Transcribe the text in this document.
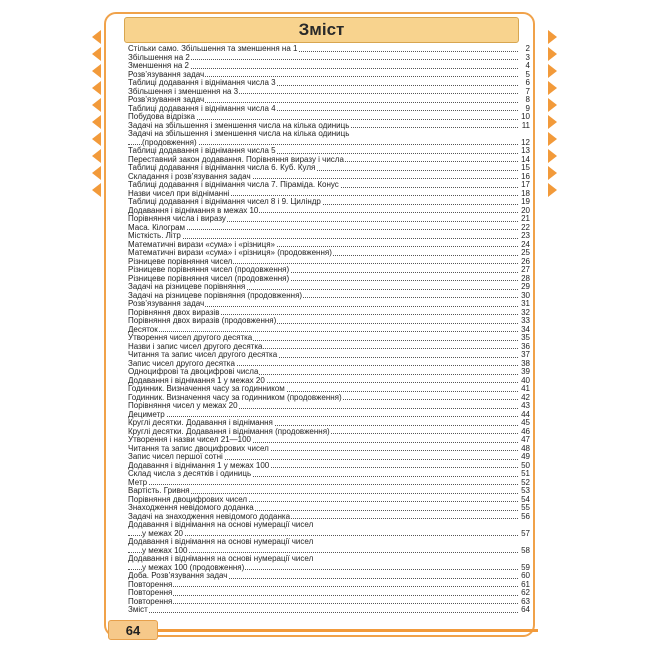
Зміст
Стільки само. Збільшення та зменшення на 1	2
Збільшення на 2	3
Зменшення на 2	4
Розв’язування задач	5
Таблиці додавання і віднімання числа 3	6
Збільшення і зменшення на 3	7
Розв’язування задач	8
Таблиці додавання і віднімання числа 4	9
Побудова відрізка	10
Задачі на збільшення і зменшення числа на кілька одиниць	11
Задачі на збільшення і зменшення числа на кілька одиниць
(продовження)	12
Таблиці додавання і віднімання числа 5	13
Переставний закон додавання. Порівняння виразу і числа	14
Таблиці додавання і віднімання числа 6. Куб. Куля	15
Складання і розв’язування задач	16
Таблиці додавання і віднімання числа 7. Піраміда. Конус	17
Назви чисел при відніманні	18
Таблиці додавання і віднімання чисел 8 і 9. Циліндр	19
Додавання і віднімання в межах 10	20
Порівняння числа і виразу	21
Маса. Кілограм	22
Місткість. Літр	23
Математичні вирази «сума» і «різниця»	24
Математичні вирази «сума» і «різниця» (продовження)	25
Різницеве порівняння чисел	26
Різницеве порівняння чисел (продовження)	27
Різницеве порівняння чисел (продовження)	28
Задачі на різницеве порівняння	29
Задачі на різницеве порівняння (продовження)	30
Розв’язування задач	31
Порівняння двох виразів	32
Порівняння двох виразів (продовження)	33
Десяток	34
Утворення чисел другого десятка	35
Назви і запис чисел другого десятка	36
Читання та запис чисел другого десятка	37
Запис чисел другого десятка	38
Одноцифрові та двоцифрові числа	39
Додавання і віднімання 1 у межах 20	40
Годинник. Визначення часу за годинником	41
Годинник. Визначення часу за годинником (продовження)	42
Порівняння чисел у межах 20	43
Дециметр	44
Круглі десятки. Додавання і віднімання	45
Круглі десятки. Додавання і віднімання (продовження)	46
Утворення і назви чисел 21—100	47
Читання та запис двоцифрових чисел	48
Запис чисел першої сотні	49
Додавання і віднімання 1 у межах 100	50
Склад числа з десятків і одиниць	51
Метр	52
Вартість. Гривня	53
Порівняння двоцифрових чисел	54
Знаходження невідомого доданка	55
Задачі на знаходження невідомого доданка	56
Додавання і віднімання на основі нумерації чисел
у межах 20	57
Додавання і віднімання на основі нумерації чисел
у межах 100	58
Додавання і віднімання на основі нумерації чисел
у межах 100 (продовження)	59
Доба. Розв’язування задач	60
Повторення	61
Повторення	62
Повторення	63
Зміст	64
64
